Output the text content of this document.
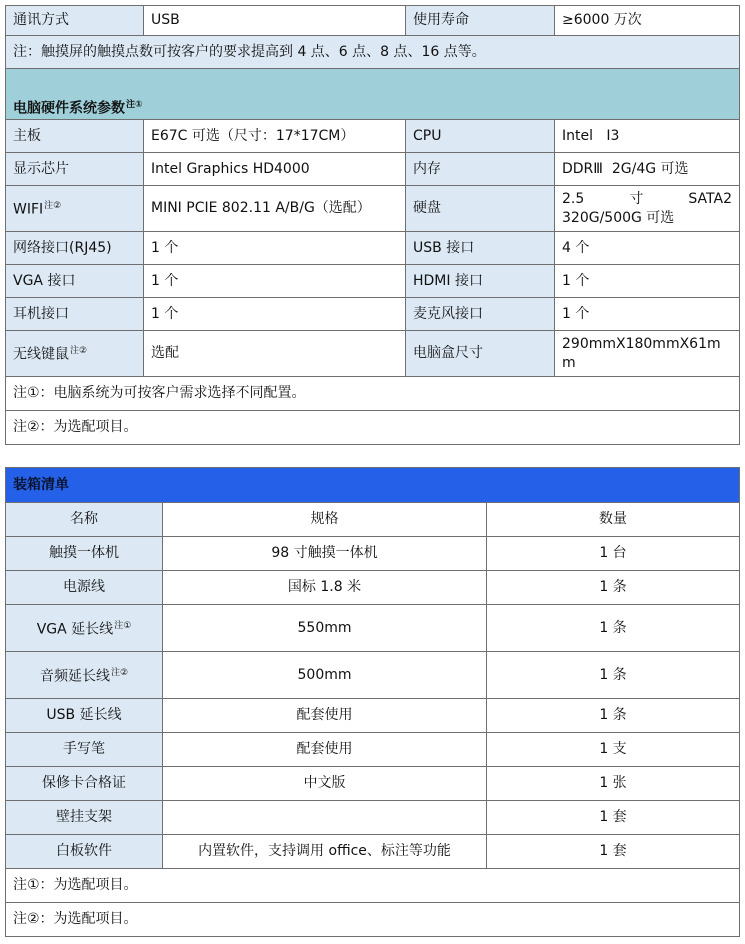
通讯方式	USB	使用寿命	≥6000 万次
注：触摸屏的触摸点数可按客户的要求提高到 4 点、6 点、8 点、16 点等。			

电脑硬件系统参数$^{注①}$
主板	E67C 可选（尺寸：17*17CM）	CPU	Intel   I3
显示芯片	Intel Graphics HD4000	内存	DDRⅢ  2G/4G 可选
$WIFI^{注②}$	MINI PCIE 802.11 A/B/G（选配）	硬盘	2.5 寸 SATA2
320G/500G 可选

网络接口(RJ45)	1 个	USB 接口	4 个
VGA 接口	1 个	HDMI 接口	1 个
耳机接口	1 个	麦克风接口	1 个
无线键鼠$^{注②}$	选配	电脑盒尺寸	290mmX180mmX61m
m

注①：电脑系统为可按客户需求选择不同配置。			
注②：为选配项目。			
装箱清单		
名称	规格	数量
触摸一体机	98 寸触摸一体机	1 台
电源线	国标 1.8 米	1 条
VGA 延长线$^{注①}$	550mm	1 条
音频延长线$^{注②}$	500mm	1 条
USB 延长线	配套使用	1 条
手写笔	配套使用	1 支
保修卡合格证	中文版	1 张
壁挂支架		1 套
白板软件	内置软件，支持调用 office、标注等功能	1 套
注①：为选配项目。		
注②：为选配项目。		
